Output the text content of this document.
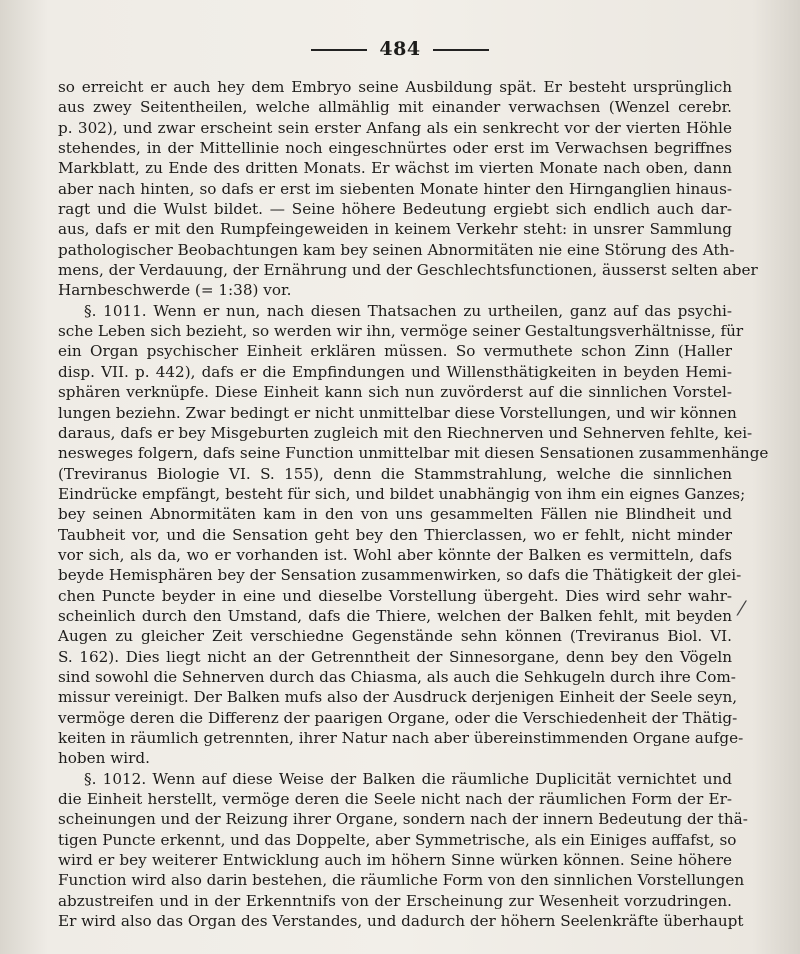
484
so erreicht er auch hey dem Embryo seine Ausbildung spät. Er besteht ursprünglich
aus zwey Seitentheilen, welche allmählig mit einander verwachsen (Wenzel cerebr.
p. 302), und zwar erscheint sein erster Anfang als ein senkrecht vor der vierten Höhle
stehendes, in der Mittellinie noch eingeschnürtes oder erst im Verwachsen begriffnes
Markblatt, zu Ende des dritten Monats. Er wächst im vierten Monate nach oben, dann
aber nach hinten, so dafs er erst im siebenten Monate hinter den Hirnganglien hinaus-
ragt und die Wulst bildet. — Seine höhere Bedeutung ergiebt sich endlich auch dar-
aus, dafs er mit den Rumpfeingeweiden in keinem Verkehr steht: in unsrer Sammlung
pathologischer Beobachtungen kam bey seinen Abnormitäten nie eine Störung des Ath-
mens, der Verdauung, der Ernährung und der Geschlechtsfunctionen, äusserst selten aber
Harnbeschwerde (= 1:38) vor.
§. 1011. Wenn er nun, nach diesen Thatsachen zu urtheilen, ganz auf das psychi-
sche Leben sich bezieht, so werden wir ihn, vermöge seiner Gestaltungsverhältnisse, für
ein Organ psychischer Einheit erklären müssen. So vermuthete schon Zinn (Haller
disp. VII. p. 442), dafs er die Empfindungen und Willensthätigkeiten in beyden Hemi-
sphären verknüpfe. Diese Einheit kann sich nun zuvörderst auf die sinnlichen Vorstel-
lungen beziehn. Zwar bedingt er nicht unmittelbar diese Vorstellungen, und wir können
daraus, dafs er bey Misgeburten zugleich mit den Riechnerven und Sehnerven fehlte, kei-
nesweges folgern, dafs seine Function unmittelbar mit diesen Sensationen zusammenhänge
(Treviranus Biologie VI. S. 155), denn die Stammstrahlung, welche die sinnlichen
Eindrücke empfängt, besteht für sich, und bildet unabhängig von ihm ein eignes Ganzes;
bey seinen Abnormitäten kam in den von uns gesammelten Fällen nie Blindheit und
Taubheit vor, und die Sensation geht bey den Thierclassen, wo er fehlt, nicht minder
vor sich, als da, wo er vorhanden ist. Wohl aber könnte der Balken es vermitteln, dafs
beyde Hemisphären bey der Sensation zusammenwirken, so dafs die Thätigkeit der glei-
chen Puncte beyder in eine und dieselbe Vorstellung übergeht. Dies wird sehr wahr-
scheinlich durch den Umstand, dafs die Thiere, welchen der Balken fehlt, mit beyden
Augen zu gleicher Zeit verschiedne Gegenstände sehn können (Treviranus Biol. VI.
S. 162). Dies liegt nicht an der Getrenntheit der Sinnesorgane, denn bey den Vögeln
sind sowohl die Sehnerven durch das Chiasma, als auch die Sehkugeln durch ihre Com-
missur vereinigt. Der Balken mufs also der Ausdruck derjenigen Einheit der Seele seyn,
vermöge deren die Differenz der paarigen Organe, oder die Verschiedenheit der Thätig-
keiten in räumlich getrennten, ihrer Natur nach aber übereinstimmenden Organe aufge-
hoben wird.
§. 1012. Wenn auf diese Weise der Balken die räumliche Duplicität vernichtet und
die Einheit herstellt, vermöge deren die Seele nicht nach der räumlichen Form der Er-
scheinungen und der Reizung ihrer Organe, sondern nach der innern Bedeutung der thä-
tigen Puncte erkennt, und das Doppelte, aber Symmetrische, als ein Einiges auffafst, so
wird er bey weiterer Entwicklung auch im höhern Sinne würken können. Seine höhere
Function wird also darin bestehen, die räumliche Form von den sinnlichen Vorstellungen
abzustreifen und in der Erkenntnifs von der Erscheinung zur Wesenheit vorzudringen.
Er wird also das Organ des Verstandes, und dadurch der höhern Seelenkräfte überhaupt
⁄
